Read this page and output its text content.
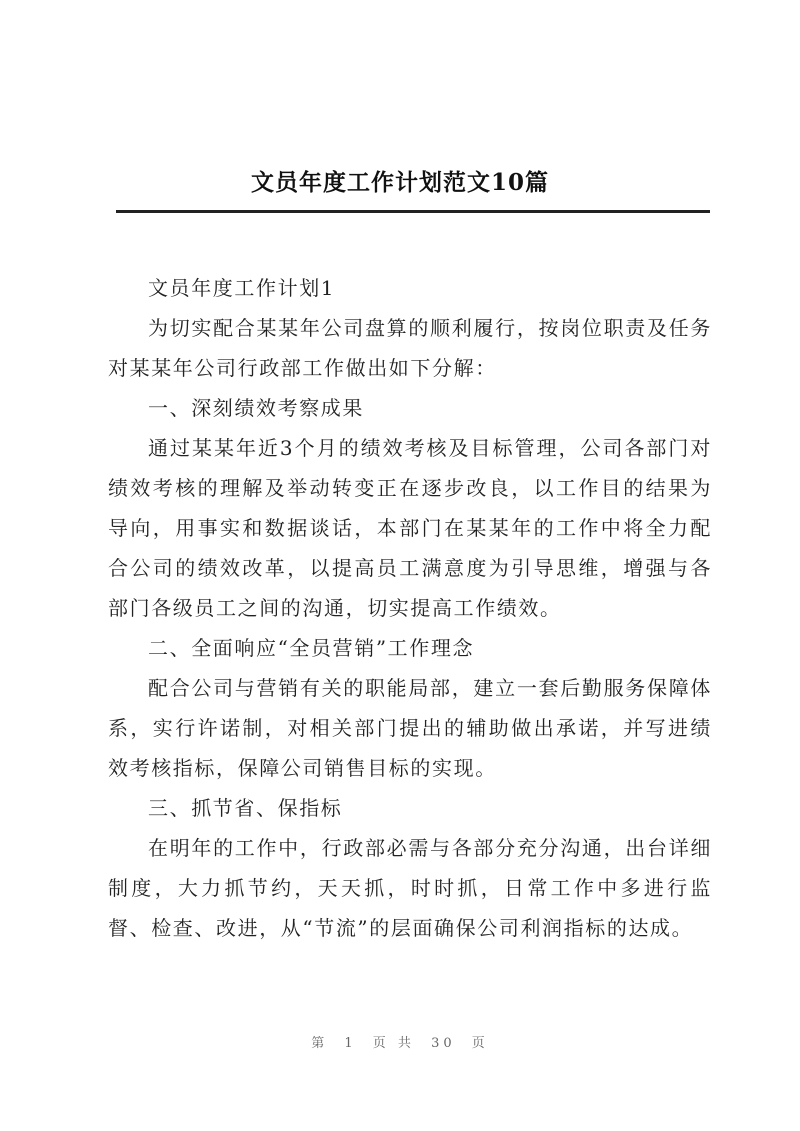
文员年度工作计划范文10篇

文员年度工作计划1

为切实配合某某年公司盘算的顺利履行，按岗位职责及任务对某某年公司行政部工作做出如下分解：

一、深刻绩效考察成果

通过某某年近3个月的绩效考核及目标管理，公司各部门对绩效考核的理解及举动转变正在逐步改良，以工作目的结果为导向，用事实和数据谈话，本部门在某某年的工作中将全力配合公司的绩效改革，以提高员工满意度为引导思维，增强与各部门各级员工之间的沟通，切实提高工作绩效。

二、全面响应“全员营销”工作理念

配合公司与营销有关的职能局部，建立一套后勤服务保障体系，实行许诺制，对相关部门提出的辅助做出承诺，并写进绩效考核指标，保障公司销售目标的实现。

三、抓节省、保指标

在明年的工作中，行政部必需与各部分充分沟通，出台详细制度，大力抓节约，天天抓，时时抓，日常工作中多进行监督、检查、改进，从“节流”的层面确保公司利润指标的达成。

第 1 页 共 30 页
